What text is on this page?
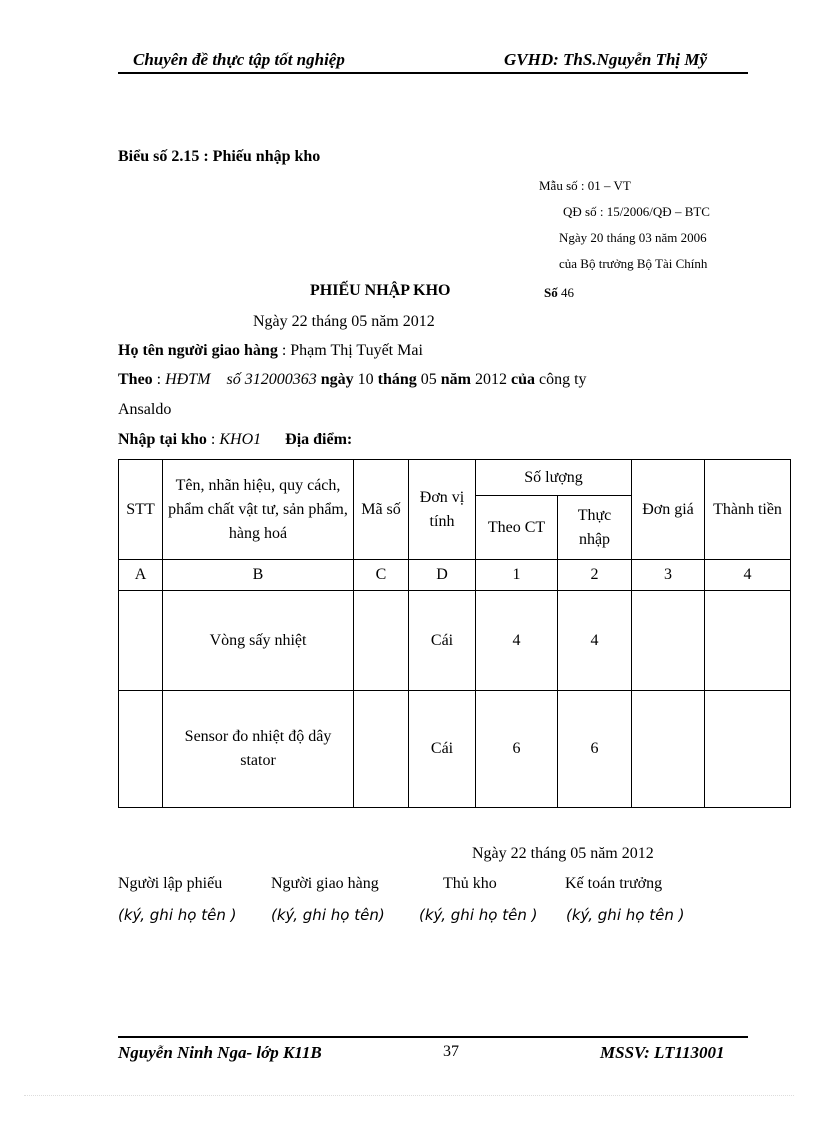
Chuyên đề thực tập tốt nghiệp	GVHD: ThS.Nguyễn Thị Mỹ
Biểu số 2.15 : Phiếu nhập kho
Mẫu số : 01 – VT
QĐ số : 15/2006/QĐ – BTC
Ngày 20 tháng 03 năm 2006
của Bộ trưởng Bộ Tài Chính
PHIẾU NHẬP KHO	Số 46
Ngày 22 tháng 05 năm 2012
Họ tên người giao hàng : Phạm Thị Tuyết Mai
Theo : HĐTM số 312000363 ngày 10 tháng 05 năm 2012 của công ty
Ansaldo
Nhập tại kho : KHO1 Địa điểm:
STT	Tên, nhãn hiệu, quy cách, phẩm chất vật tư, sản phẩm, hàng hoá	Mã số	Đơn vị tính	Số lượng		Đơn giá	Thành tiền
				Theo CT	Thực nhập		
A	B	C	D	1	2	3	4
	Vòng sấy nhiệt		Cái	4	4		
	Sensor đo nhiệt độ dây stator		Cái	6	6		
Ngày 22 tháng 05 năm 2012
Người lập phiếu	Người giao hàng	Thủ kho	Kế toán trưởng
(ký, ghi họ tên ) (ký, ghi họ tên) (ký, ghi họ tên ) (ký, ghi họ tên )
Nguyễn Ninh Nga- lớp K11B	37	MSSV: LT113001
